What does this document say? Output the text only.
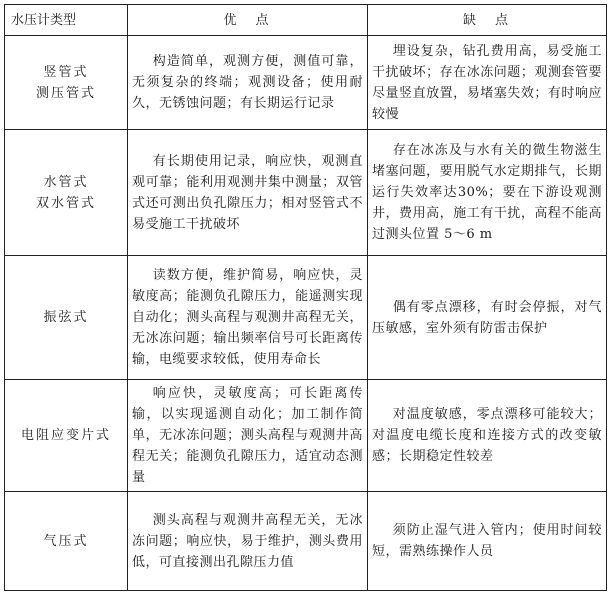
水压计类型	优　点	缺　点
竖管式
测压管式	构造简单，观测方便，测值可靠，无须复杂的终端；观测设备；使用耐久，无锈蚀问题；有长期运行记录	埋设复杂，钻孔费用高，易受施工干扰破坏；存在冰冻问题；观测套管要尽量竖直放置，易堵塞失效；有时响应较慢
水管式
双水管式	有长期使用记录，响应快，观测直观可靠；能利用观测井集中测量；双管式还可测出负孔隙压力；相对竖管式不易受施工干扰破坏	存在冰冻及与水有关的微生物滋生堵塞问题，要用脱气水定期排气，长期运行失效率达30%；要在下游设观测井，费用高，施工有干扰，高程不能高过测头位置 5～6 m
振弦式	读数方便，维护简易，响应快，灵敏度高；能测负孔隙压力，能遥测实现自动化；测头高程与观测井高程无关，无冰冻问题；输出频率信号可长距离传输，电缆要求较低，使用寿命长	偶有零点漂移，有时会停振，对气压敏感，室外须有防雷击保护
电阻应变片式	响应快，灵敏度高；可长距离传输，以实现遥测自动化；加工制作简单，无冰冻问题；测头高程与观测井高程无关；能测负孔隙压力，适宜动态测量	对温度敏感，零点漂移可能较大；对温度电缆长度和连接方式的改变敏感；长期稳定性较差
气压式	测头高程与观测井高程无关，无冰冻问题；响应快，易于维护，测头费用低，可直接测出孔隙压力值	须防止湿气进入管内；使用时间较短，需熟练操作人员
